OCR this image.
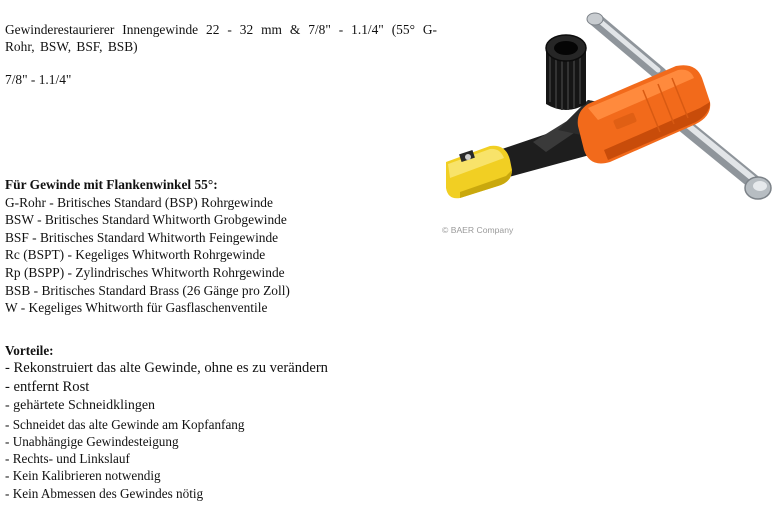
Gewinderestaurierer Innengewinde 22 - 32 mm & 7/8" - 1.1/4" (55° G-Rohr, BSW, BSF, BSB)
7/8" - 1.1/4"
Für Gewinde mit Flankenwinkel 55°:
G-Rohr - Britisches Standard (BSP) Rohrgewinde
BSW - Britisches Standard Whitworth Grobgewinde
BSF - Britisches Standard Whitworth Feingewinde
Rc (BSPT) - Kegeliges Whitworth Rohrgewinde
Rp (BSPP) - Zylindrisches Whitworth Rohrgewinde
BSB - Britisches Standard Brass (26 Gänge pro Zoll)
W - Kegeliges Whitworth für Gasflaschenventile
Vorteile:
- Rekonstruiert das alte Gewinde, ohne es zu verändern
- entfernt Rost
- gehärtete Schneidklingen
- Schneidet das alte Gewinde am Kopfanfang
- Unabhängige Gewindesteigung
- Rechts- und Linkslauf
- Kein Kalibrieren notwendig
- Kein Abmessen des Gewindes nötig
© BAER Company
